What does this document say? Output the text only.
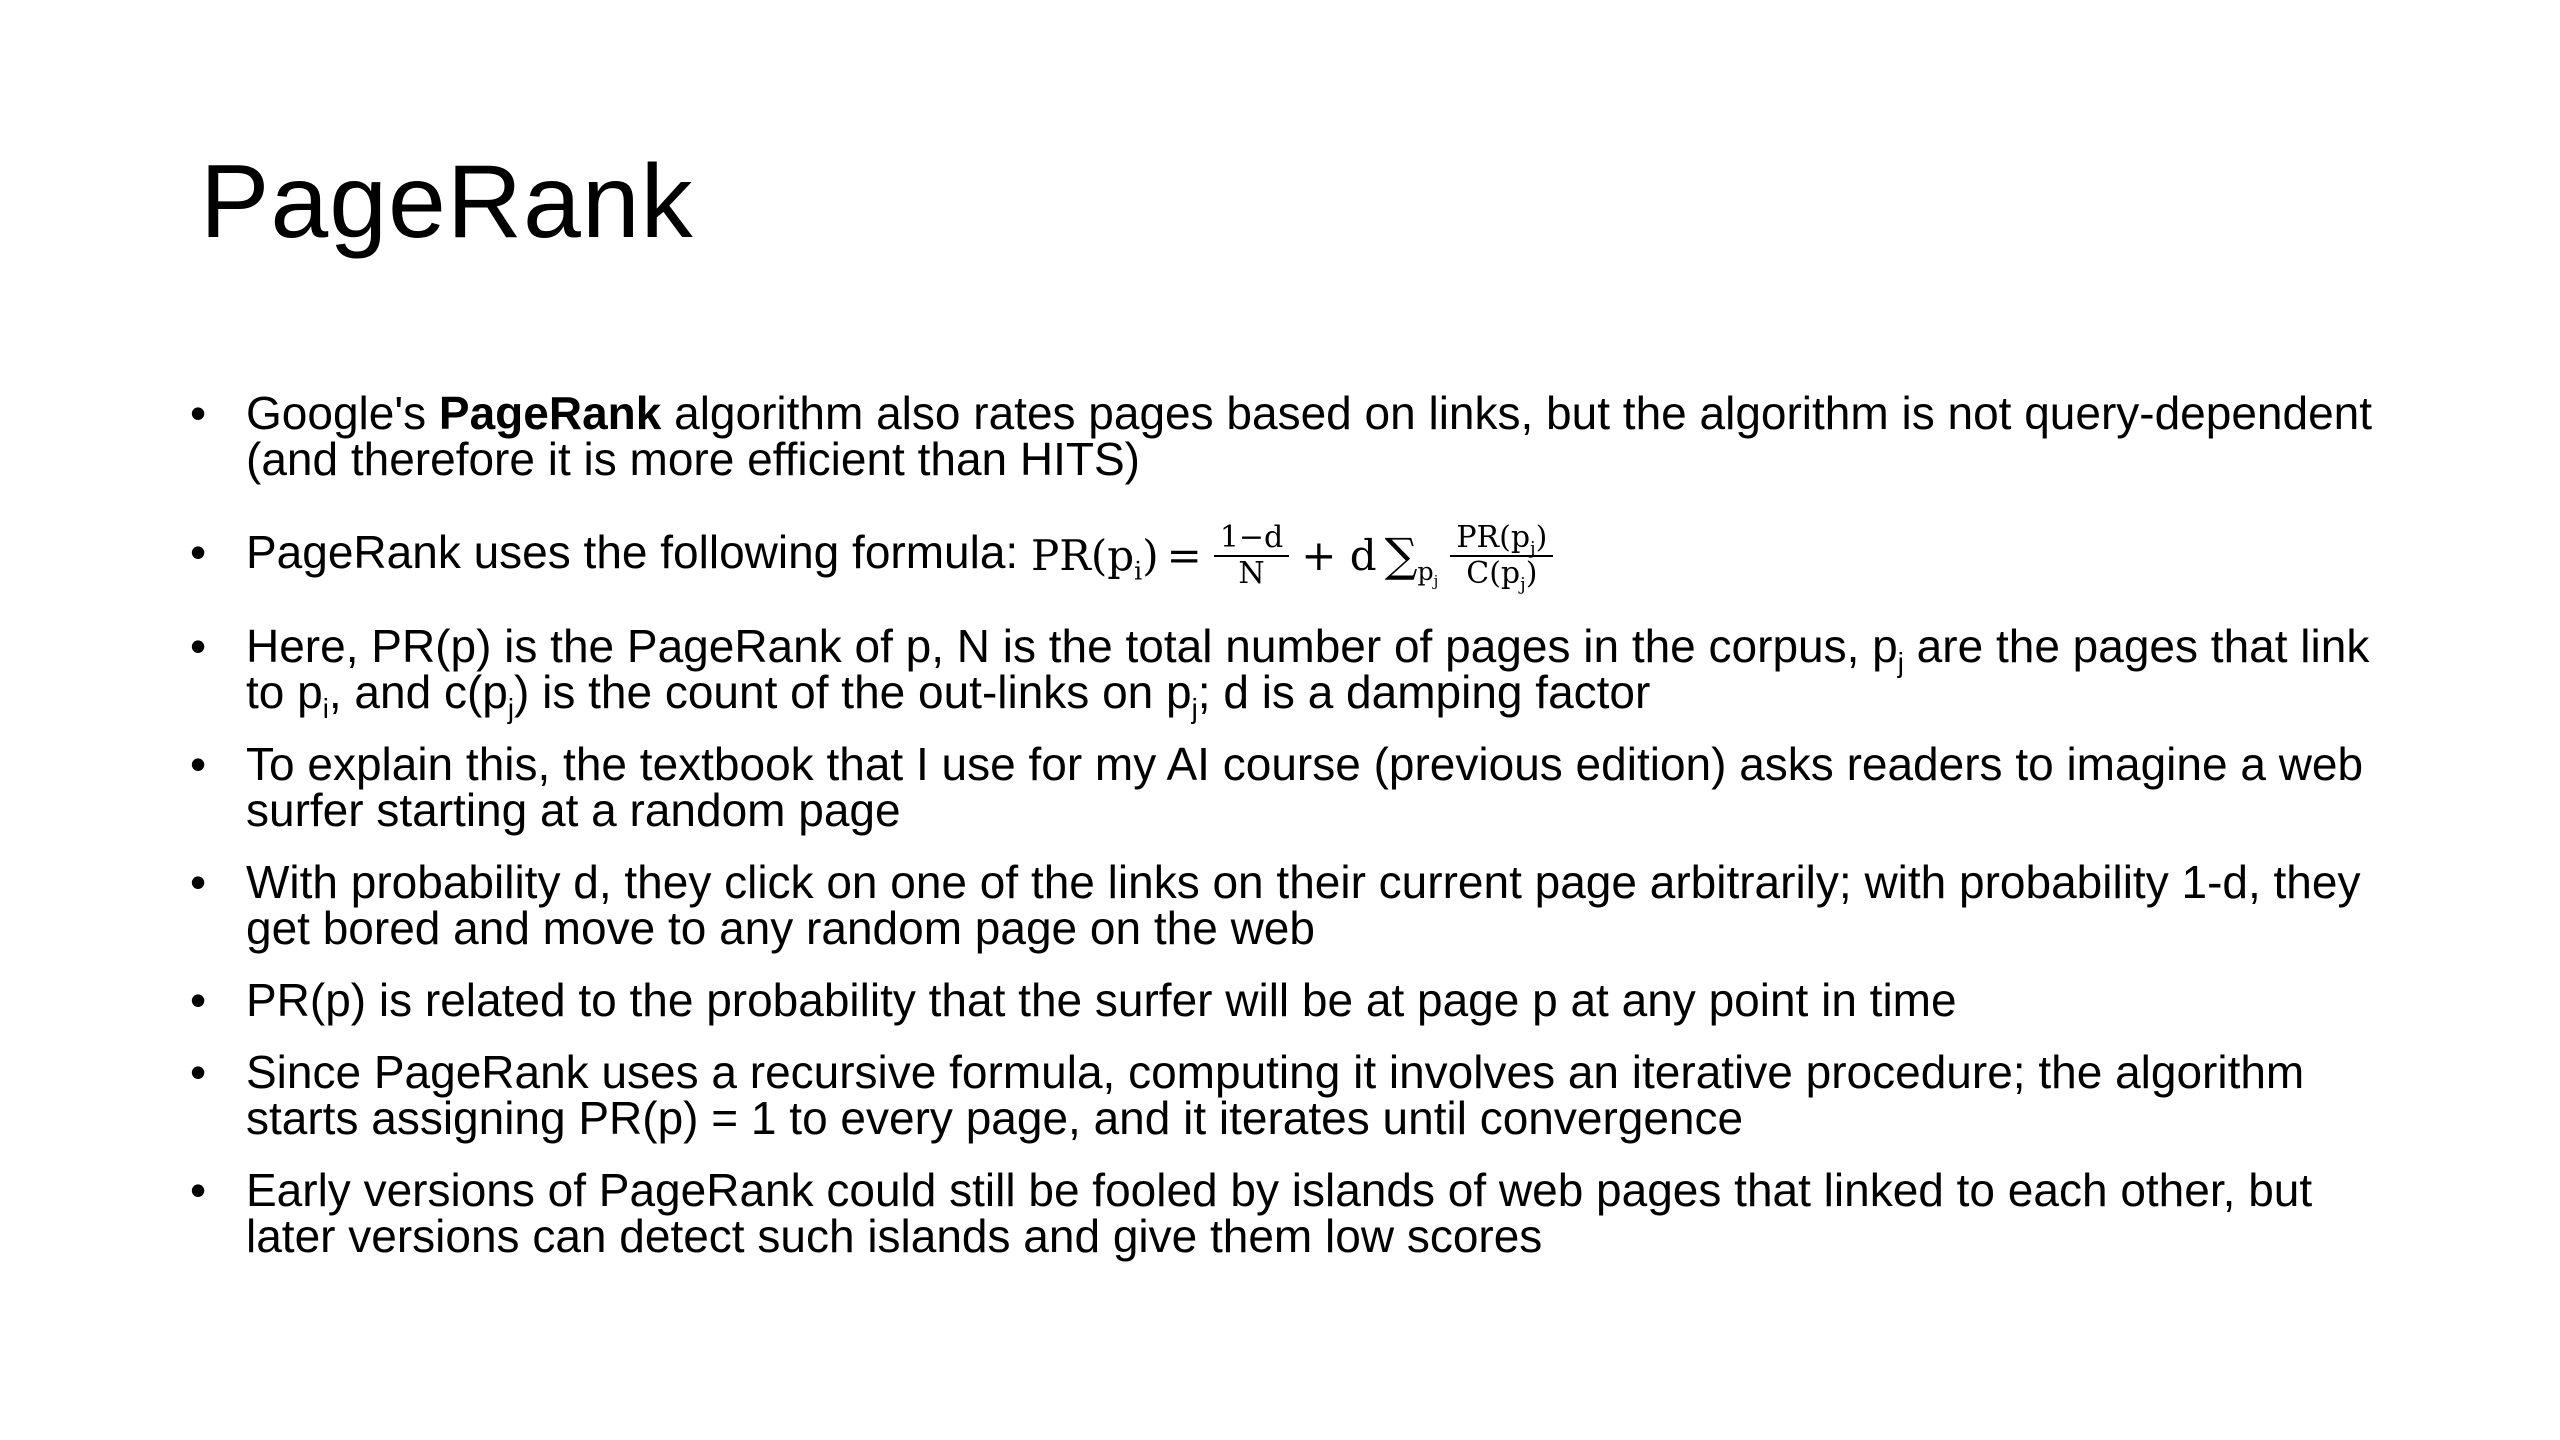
PageRank
• Google's PageRank algorithm also rates pages based on links, but the algorithm is not query-dependent (and therefore it is more efficient than HITS)
• PageRank uses the following formula: $PR(p_i) = \frac{1-d}{N} + d$ $\sum_{p_j} \frac{PR(p_j)}{C(p_j)}$
• Here, PR(p) is the PageRank of p, N is the total number of pages in the corpus, $p_j$ are the pages that link to $p_i$, and $c(p_j)$ is the count of the out-links on $p_j$; d is a damping factor
• To explain this, the textbook that I use for my AI course (previous edition) asks readers to imagine a web surfer starting at a random page
• With probability d, they click on one of the links on their current page arbitrarily; with probability 1-d, they get bored and move to any random page on the web
• PR(p) is related to the probability that the surfer will be at page p at any point in time
• Since PageRank uses a recursive formula, computing it involves an iterative procedure; the algorithm starts assigning PR(p) = 1 to every page, and it iterates until convergence
• Early versions of PageRank could still be fooled by islands of web pages that linked to each other, but later versions can detect such islands and give them low scores
